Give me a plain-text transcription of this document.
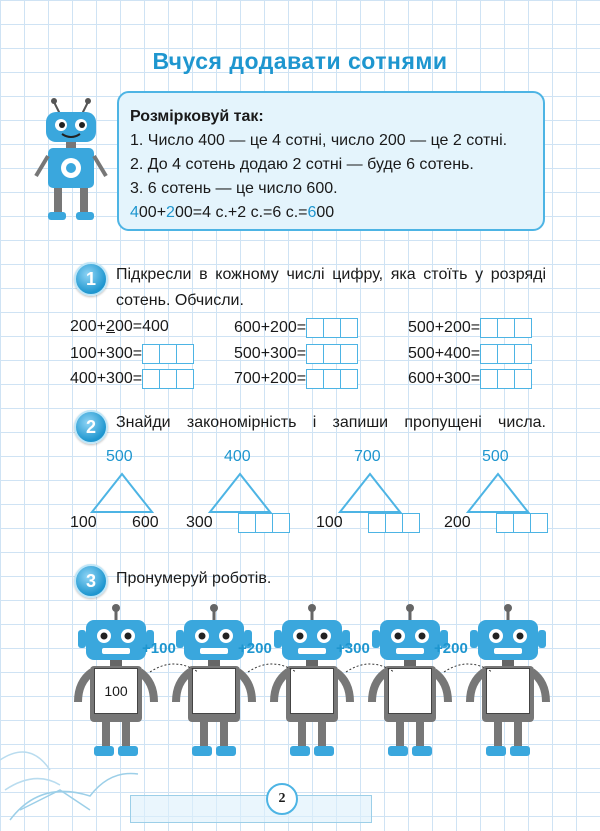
Вчуся додавати сотнями
Розмірковуй так:
1. Число 400 — це 4 сотні, число 200 — це 2 сотні.
2. До 4 сотень додаю 2 сотні — буде 6 сотень.
3. 6 сотень — це число 600.
400+200=4 с.+2 с.=6 с.=600
1	Підкресли в кожному числі цифру, яка стоїть у розряді сотень. Обчисли.
200+200=400	600+200=	500+200=
100+300=	500+300=	500+400=
400+300=	700+200=	600+300=
2	Знайди закономірність і запиши пропущені числа.
500
100 600
400
300
700
100
500
200
3	Пронумеруй роботів.
100
+100	+200	+300	+200
2
